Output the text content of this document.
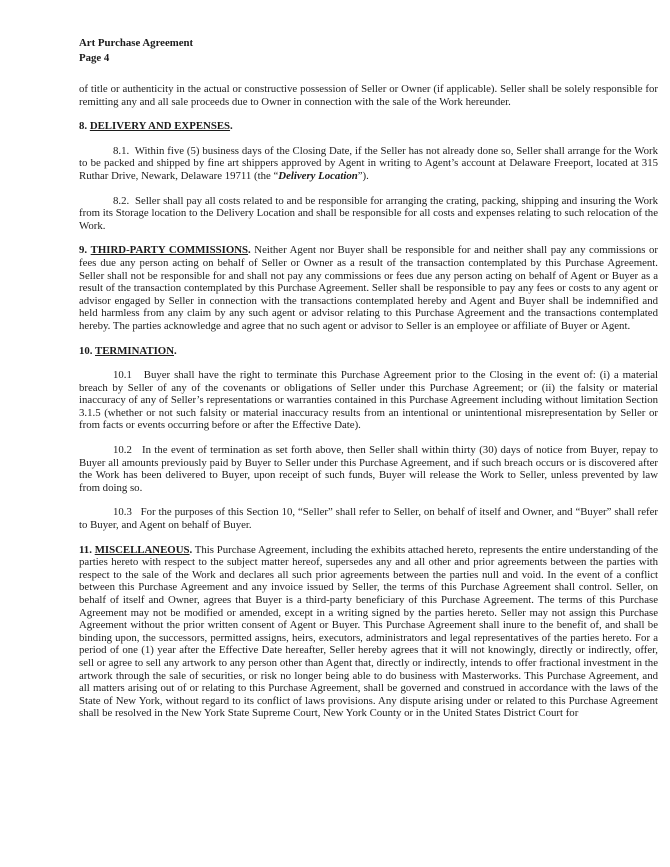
Art Purchase Agreement
Page 4

of title or authenticity in the actual or constructive possession of Seller or Owner (if applicable). Seller shall be solely responsible for remitting any and all sale proceeds due to Owner in connection with the sale of the Work hereunder.

8. DELIVERY AND EXPENSES.

8.1. Within five (5) business days of the Closing Date, if the Seller has not already done so, Seller shall arrange for the Work to be packed and shipped by fine art shippers approved by Agent in writing to Agent’s account at Delaware Freeport, located at 315 Ruthar Drive, Newark, Delaware 19711 (the “Delivery Location”).

8.2. Seller shall pay all costs related to and be responsible for arranging the crating, packing, shipping and insuring the Work from its Storage location to the Delivery Location and shall be responsible for all costs and expenses relating to such relocation of the Work.

9. THIRD-PARTY COMMISSIONS. Neither Agent nor Buyer shall be responsible for and neither shall pay any commissions or fees due any person acting on behalf of Seller or Owner as a result of the transaction contemplated by this Purchase Agreement. Seller shall not be responsible for and shall not pay any commissions or fees due any person acting on behalf of Agent or Buyer as a result of the transaction contemplated by this Purchase Agreement. Seller shall be responsible to pay any fees or costs to any agent or advisor engaged by Seller in connection with the transactions contemplated hereby and Agent and Buyer shall be indemnified and held harmless from any claim by any such agent or advisor relating to this Purchase Agreement and the transactions contemplated hereby. The parties acknowledge and agree that no such agent or advisor to Seller is an employee or affiliate of Buyer or Agent.

10. TERMINATION.

10.1 Buyer shall have the right to terminate this Purchase Agreement prior to the Closing in the event of: (i) a material breach by Seller of any of the covenants or obligations of Seller under this Purchase Agreement; or (ii) the falsity or material inaccuracy of any of Seller’s representations or warranties contained in this Purchase Agreement including without limitation Section 3.1.5 (whether or not such falsity or material inaccuracy results from an intentional or unintentional misrepresentation by Seller or from facts or events occurring before or after the Effective Date).

10.2 In the event of termination as set forth above, then Seller shall within thirty (30) days of notice from Buyer, repay to Buyer all amounts previously paid by Buyer to Seller under this Purchase Agreement, and if such breach occurs or is discovered after the Work has been delivered to Buyer, upon receipt of such funds, Buyer will release the Work to Seller, unless prevented by law from doing so.

10.3 For the purposes of this Section 10, “Seller” shall refer to Seller, on behalf of itself and Owner, and “Buyer” shall refer to Buyer, and Agent on behalf of Buyer.

11. MISCELLANEOUS. This Purchase Agreement, including the exhibits attached hereto, represents the entire understanding of the parties hereto with respect to the subject matter hereof, supersedes any and all other and prior agreements between the parties with respect to the sale of the Work and declares all such prior agreements between the parties null and void. In the event of a conflict between this Purchase Agreement and any invoice issued by Seller, the terms of this Purchase Agreement shall control. Seller, on behalf of itself and Owner, agrees that Buyer is a third-party beneficiary of this Purchase Agreement. The terms of this Purchase Agreement may not be modified or amended, except in a writing signed by the parties hereto. Seller may not assign this Purchase Agreement without the prior written consent of Agent or Buyer. This Purchase Agreement shall inure to the benefit of, and shall be binding upon, the successors, permitted assigns, heirs, executors, administrators and legal representatives of the parties hereto. For a period of one (1) year after the Effective Date hereafter, Seller hereby agrees that it will not knowingly, directly or indirectly, offer, sell or agree to sell any artwork to any person other than Agent that, directly or indirectly, intends to offer fractional investment in the artwork through the sale of securities, or risk no longer being able to do business with Masterworks. This Purchase Agreement, and all matters arising out of or relating to this Purchase Agreement, shall be governed and construed in accordance with the laws of the State of New York, without regard to its conflict of laws provisions. Any dispute arising under or related to this Purchase Agreement shall be resolved in the New York State Supreme Court, New York County or in the United States District Court for
